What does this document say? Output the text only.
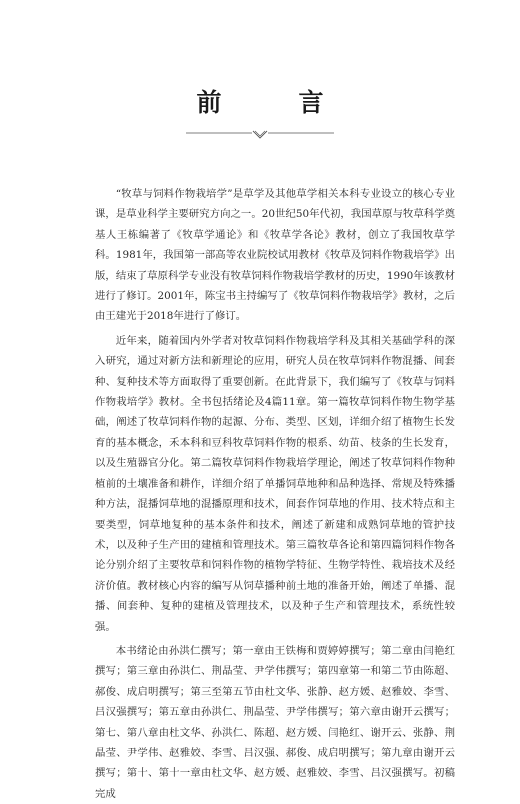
前　言

“牧草与饲料作物栽培学”是草学及其他草学相关本科专业设立的核心专业课，是草业科学主要研究方向之一。20世纪50年代初，我国草原与牧草科学奠基人王栋编著了《牧草学通论》和《牧草学各论》教材，创立了我国牧草学科。1981年，我国第一部高等农业院校试用教材《牧草及饲料作物栽培学》出版，结束了草原科学专业没有牧草饲料作物栽培学教材的历史，1990年该教材进行了修订。2001年，陈宝书主持编写了《牧草饲料作物栽培学》教材，之后由王建光于2018年进行了修订。

近年来，随着国内外学者对牧草饲料作物栽培学科及其相关基础学科的深入研究，通过对新方法和新理论的应用，研究人员在牧草饲料作物混播、间套种、复种技术等方面取得了重要创新。在此背景下，我们编写了《牧草与饲料作物栽培学》教材。全书包括绪论及4篇11章。第一篇牧草饲料作物生物学基础，阐述了牧草饲料作物的起源、分布、类型、区划，详细介绍了植物生长发育的基本概念，禾本科和豆科牧草饲料作物的根系、幼苗、枝条的生长发育，以及生殖器官分化。第二篇牧草饲料作物栽培学理论，阐述了牧草饲料作物种植前的土壤准备和耕作，详细介绍了单播饲草地种和品种选择、常规及特殊播种方法，混播饲草地的混播原理和技术，间套作饲草地的作用、技术特点和主要类型，饲草地复种的基本条件和技术，阐述了新建和成熟饲草地的管护技术，以及种子生产田的建植和管理技术。第三篇牧草各论和第四篇饲料作物各论分别介绍了主要牧草和饲料作物的植物学特征、生物学特性、栽培技术及经济价值。教材核心内容的编写从饲草播种前土地的准备开始，阐述了单播、混播、间套种、复种的建植及管理技术，以及种子生产和管理技术，系统性较强。

本书绪论由孙洪仁撰写；第一章由王铁梅和贾婷婷撰写；第二章由闫艳红撰写；第三章由孙洪仁、荆晶莹、尹学伟撰写；第四章第一和第二节由陈超、郝俊、成启明撰写；第三至第五节由杜文华、张静、赵方媛、赵雅姣、李雪、吕汉强撰写；第五章由孙洪仁、荆晶莹、尹学伟撰写；第六章由谢开云撰写；第七、第八章由杜文华、孙洪仁、陈超、赵方媛、闫艳红、谢开云、张静、荆晶莹、尹学伟、赵雅姣、李雪、吕汉强、郝俊、成启明撰写；第九章由谢开云撰写；第十、第十一章由杜文华、赵方媛、赵雅姣、李雪、吕汉强撰写。初稿完成
